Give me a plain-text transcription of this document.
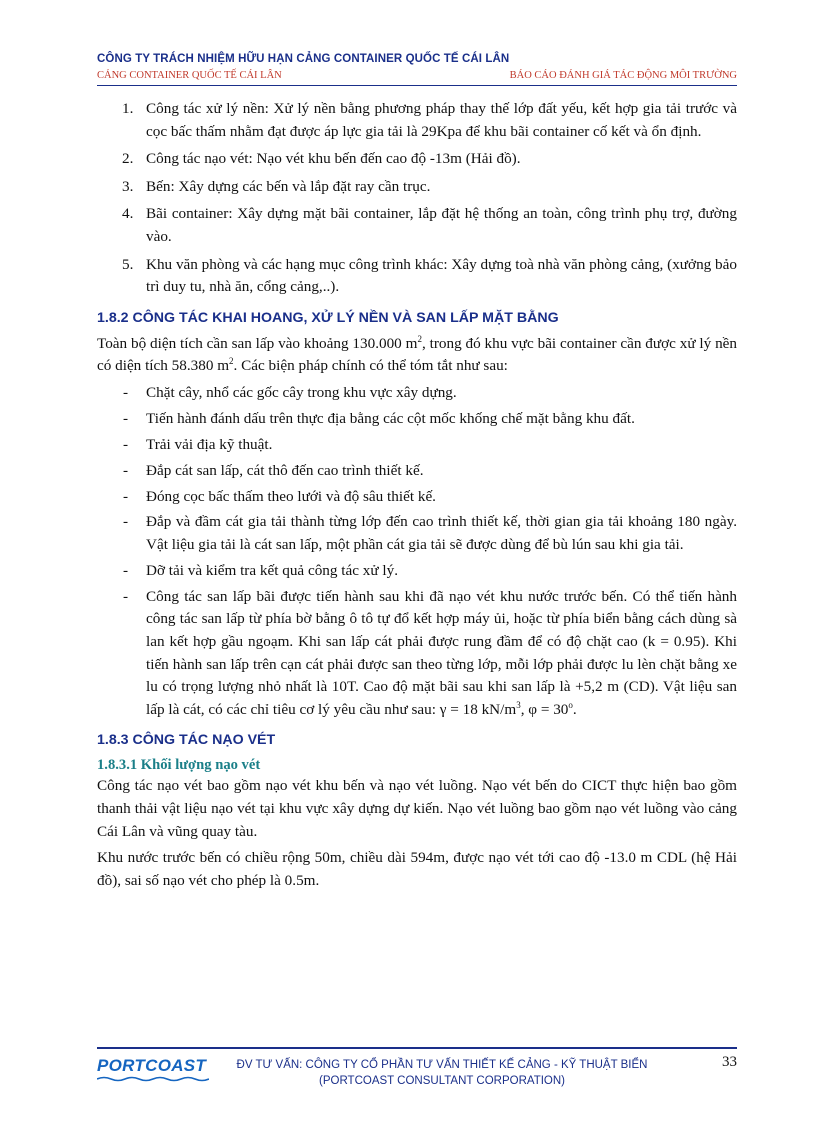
CÔNG TY TRÁCH NHIỆM HỮU HẠN CẢNG CONTAINER QUỐC TẾ CÁI LÂN
CẢNG CONTAINER QUỐC TẾ CÁI LÂN	BÁO CÁO ĐÁNH GIÁ TÁC ĐỘNG MÔI TRƯỜNG
1. Công tác xử lý nền: Xử lý nền bằng phương pháp thay thế lớp đất yếu, kết hợp gia tải trước và cọc bấc thấm nhằm đạt được áp lực gia tải là 29Kpa để khu bãi container cố kết và ổn định.
2. Công tác nạo vét: Nạo vét khu bến đến cao độ -13m (Hải đồ).
3. Bến: Xây dựng các bến và lắp đặt ray cần trục.
4. Bãi container: Xây dựng mặt bãi container, lắp đặt hệ thống an toàn, công trình phụ trợ, đường vào.
5. Khu văn phòng và các hạng mục công trình khác: Xây dựng toà nhà văn phòng cảng, (xưởng bảo trì duy tu, nhà ăn, cổng cảng,..).
1.8.2 CÔNG TÁC KHAI HOANG, XỬ LÝ NỀN VÀ SAN LẤP MẶT BẰNG

Toàn bộ diện tích cần san lấp vào khoảng 130.000 $m^2$, trong đó khu vực bãi container cần được xử lý nền có diện tích 58.380 $m^2$. Các biện pháp chính có thể tóm tắt như sau:

- Chặt cây, nhổ các gốc cây trong khu vực xây dựng.
- Tiến hành đánh dấu trên thực địa bằng các cột mốc khống chế mặt bằng khu đất.
- Trải vải địa kỹ thuật.
- Đắp cát san lấp, cát thô đến cao trình thiết kế.
- Đóng cọc bấc thấm theo lưới và độ sâu thiết kế.
- Đắp và đầm cát gia tải thành từng lớp đến cao trình thiết kế, thời gian gia tải khoảng 180 ngày. Vật liệu gia tải là cát san lấp, một phần cát gia tải sẽ được dùng để bù lún sau khi gia tải.
- Dỡ tải và kiểm tra kết quả công tác xử lý.
- Công tác san lấp bãi được tiến hành sau khi đã nạo vét khu nước trước bến. Có thể tiến hành công tác san lấp từ phía bờ bằng ô tô tự đổ kết hợp máy ủi, hoặc từ phía biển bằng cách dùng sà lan kết hợp gầu ngoạm. Khi san lấp cát phải được rung đầm để có độ chặt cao (k = 0.95). Khi tiến hành san lấp trên cạn cát phải được san theo từng lớp, mỗi lớp phải được lu lèn chặt bằng xe lu có trọng lượng nhỏ nhất là 10T. Cao độ mặt bãi sau khi san lấp là +5,2 m (CD). Vật liệu san lấp là cát, có các chỉ tiêu cơ lý yêu cầu như sau: γ = 18 $kN/m^3$, $\varphi = 30^o$.
1.8.3 CÔNG TÁC NẠO VÉT
1.8.3.1 Khối lượng nạo vét

Công tác nạo vét bao gồm nạo vét khu bến và nạo vét luồng. Nạo vét bến do CICT thực hiện bao gồm thanh thải vật liệu nạo vét tại khu vực xây dựng dự kiến. Nạo vét luồng bao gồm nạo vét luồng vào cảng Cái Lân và vũng quay tàu.

Khu nước trước bến có chiều rộng 50m, chiều dài 594m, được nạo vét tới cao độ -13.0 m CDL (hệ Hải đồ), sai số nạo vét cho phép là 0.5m.

PORTCOAST	ĐV TƯ VẤN: CÔNG TY CỔ PHẦN TƯ VẤN THIẾT KẾ CẢNG - KỸ THUẬT BIỂN
(PORTCOAST CONSULTANT CORPORATION)
33
